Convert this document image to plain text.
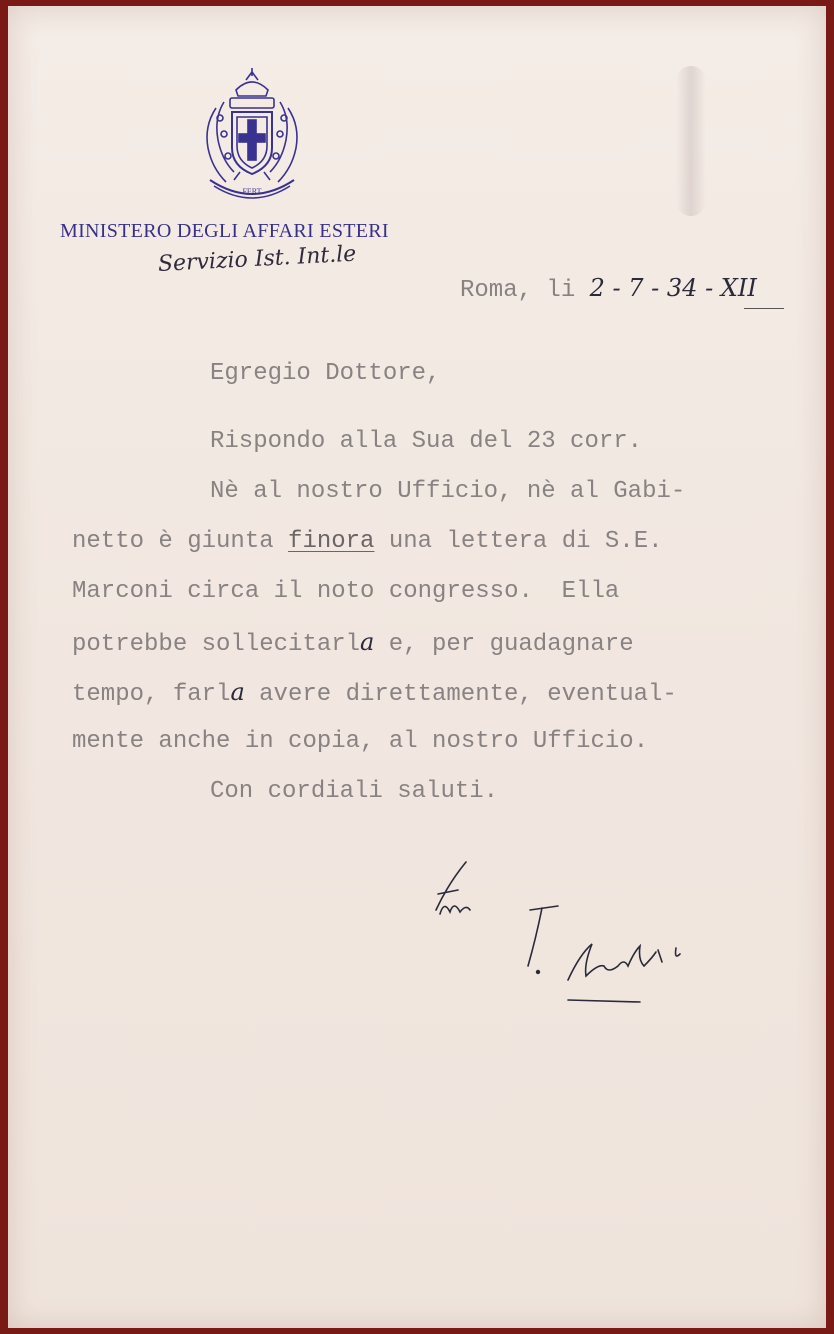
FERT
MINISTERO DEGLI AFFARI ESTERI
Servizio Ist. Int.le
Roma, li 2 - 7 - 34 - XII
Egregio Dottore,
Rispondo alla Sua del 23 corr.
Nè al nostro Ufficio, nè al Gabi-
netto è giunta finora una lettera di S.E.
Marconi circa il noto congresso.  Ella
potrebbe sollecitarla e, per guadagnare
tempo, farla avere direttamente, eventual-
mente anche in copia, al nostro Ufficio.
Con cordiali saluti.
Suo
T. Bertoli
